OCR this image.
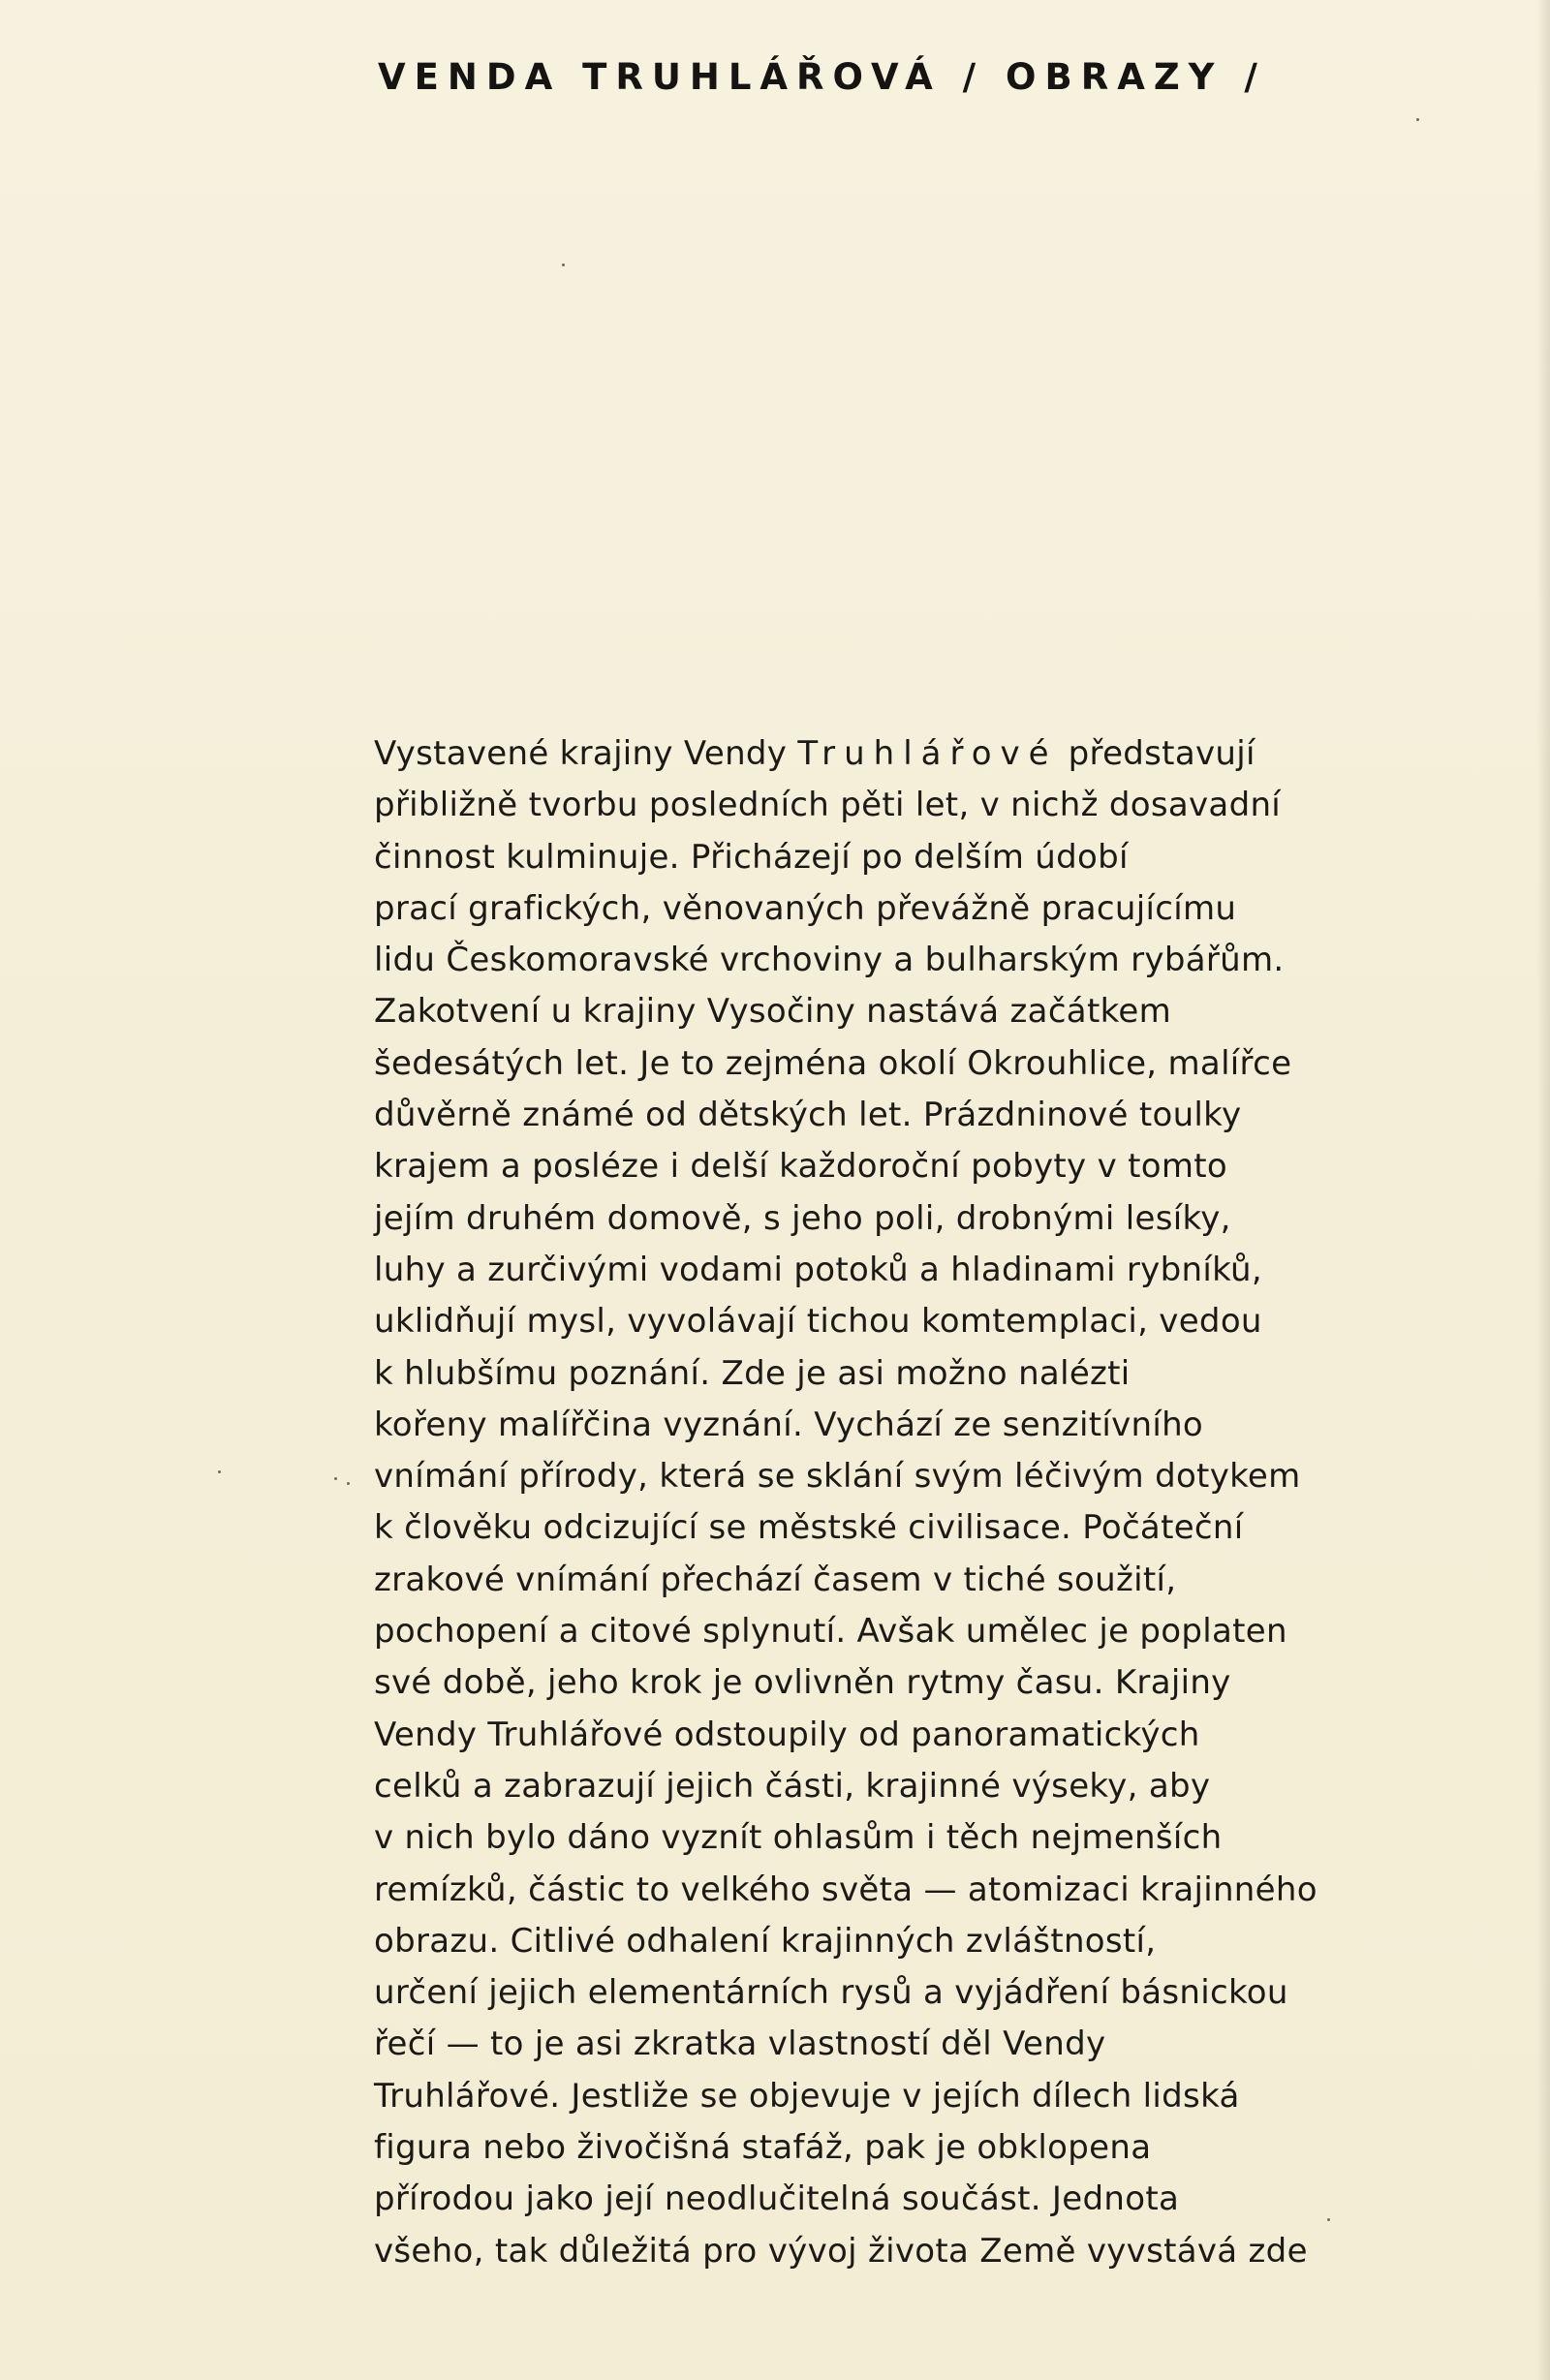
VENDA TRUHLÁŘOVÁ / OBRAZY /
Vystavené krajiny Vendy Truhlářové představují
přibližně tvorbu posledních pěti let, v nichž dosavadní
činnost kulminuje. Přicházejí po delším údobí
prací grafických, věnovaných převážně pracujícímu
lidu Českomoravské vrchoviny a bulharským rybářům.
Zakotvení u krajiny Vysočiny nastává začátkem
šedesátých let. Je to zejména okolí Okrouhlice, malířce
důvěrně známé od dětských let. Prázdninové toulky
krajem a posléze i delší každoroční pobyty v tomto
jejím druhém domově, s jeho poli, drobnými lesíky,
luhy a zurčivými vodami potoků a hladinami rybníků,
uklidňují mysl, vyvolávají tichou komtemplaci, vedou
k hlubšímu poznání. Zde je asi možno nalézti
kořeny malířčina vyznání. Vychází ze senzitívního
vnímání přírody, která se sklání svým léčivým dotykem
k člověku odcizující se městské civilisace. Počáteční
zrakové vnímání přechází časem v tiché soužití,
pochopení a citové splynutí. Avšak umělec je poplaten
své době, jeho krok je ovlivněn rytmy času. Krajiny
Vendy Truhlářové odstoupily od panoramatických
celků a zabrazují jejich části, krajinné výseky, aby
v nich bylo dáno vyznít ohlasům i těch nejmenších
remízků, částic to velkého světa — atomizaci krajinného
obrazu. Citlivé odhalení krajinných zvláštností,
určení jejich elementárních rysů a vyjádření básnickou
řečí — to je asi zkratka vlastností děl Vendy
Truhlářové. Jestliže se objevuje v jejích dílech lidská
figura nebo živočišná stafáž, pak je obklopena
přírodou jako její neodlučitelná součást. Jednota
všeho, tak důležitá pro vývoj života Země vyvstává zde
